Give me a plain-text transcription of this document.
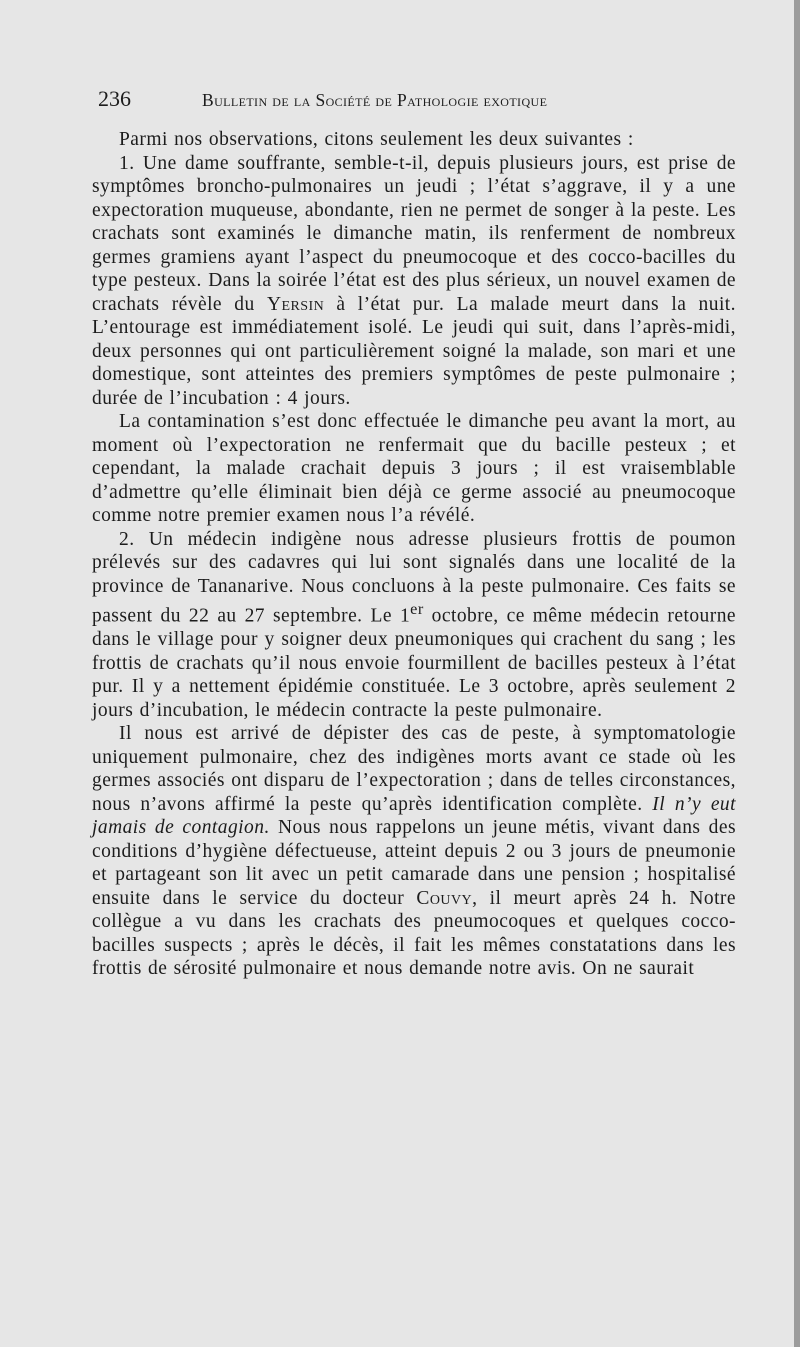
236	Bulletin de la Société de Pathologie exotique

Parmi nos observations, citons seulement les deux suivantes :

1. Une dame souffrante, semble-t-il, depuis plusieurs jours, est prise de symptômes broncho-pulmonaires un jeudi ; l’état s’aggrave, il y a une expectoration muqueuse, abondante, rien ne permet de songer à la peste. Les crachats sont examinés le dimanche matin, ils renferment de nombreux germes gramiens ayant l’aspect du pneumocoque et des cocco-bacilles du type pesteux. Dans la soirée l’état est des plus sérieux, un nouvel examen de crachats révèle du Yersin à l’état pur. La malade meurt dans la nuit. L’entourage est immédiatement isolé. Le jeudi qui suit, dans l’après-midi, deux personnes qui ont particulièrement soigné la malade, son mari et une domestique, sont atteintes des premiers symptômes de peste pulmonaire ; durée de l’incubation : 4 jours.

La contamination s’est donc effectuée le dimanche peu avant la mort, au moment où l’expectoration ne renfermait que du bacille pesteux ; et cependant, la malade crachait depuis 3 jours ; il est vraisemblable d’admettre qu’elle éliminait bien déjà ce germe associé au pneumocoque comme notre premier examen nous l’a révélé.

2. Un médecin indigène nous adresse plusieurs frottis de poumon prélevés sur des cadavres qui lui sont signalés dans une localité de la province de Tananarive. Nous concluons à la peste pulmonaire. Ces faits se passent du 22 au 27 septembre. Le 1er octobre, ce même médecin retourne dans le village pour y soigner deux pneumoniques qui crachent du sang ; les frottis de crachats qu’il nous envoie fourmillent de bacilles pesteux à l’état pur. Il y a nettement épidémie constituée. Le 3 octobre, après seulement 2 jours d’incubation, le médecin contracte la peste pulmonaire.

Il nous est arrivé de dépister des cas de peste, à symptomatologie uniquement pulmonaire, chez des indigènes morts avant ce stade où les germes associés ont disparu de l’expectoration ; dans de telles circonstances, nous n’avons affirmé la peste qu’après identification complète. Il n’y eut jamais de contagion. Nous nous rappelons un jeune métis, vivant dans des conditions d’hygiène défectueuse, atteint depuis 2 ou 3 jours de pneumonie et partageant son lit avec un petit camarade dans une pension ; hospitalisé ensuite dans le service du docteur Couvy, il meurt après 24 h. Notre collègue a vu dans les crachats des pneumocoques et quelques cocco-bacilles suspects ; après le décès, il fait les mêmes constatations dans les frottis de sérosité pulmonaire et nous demande notre avis. On ne saurait
